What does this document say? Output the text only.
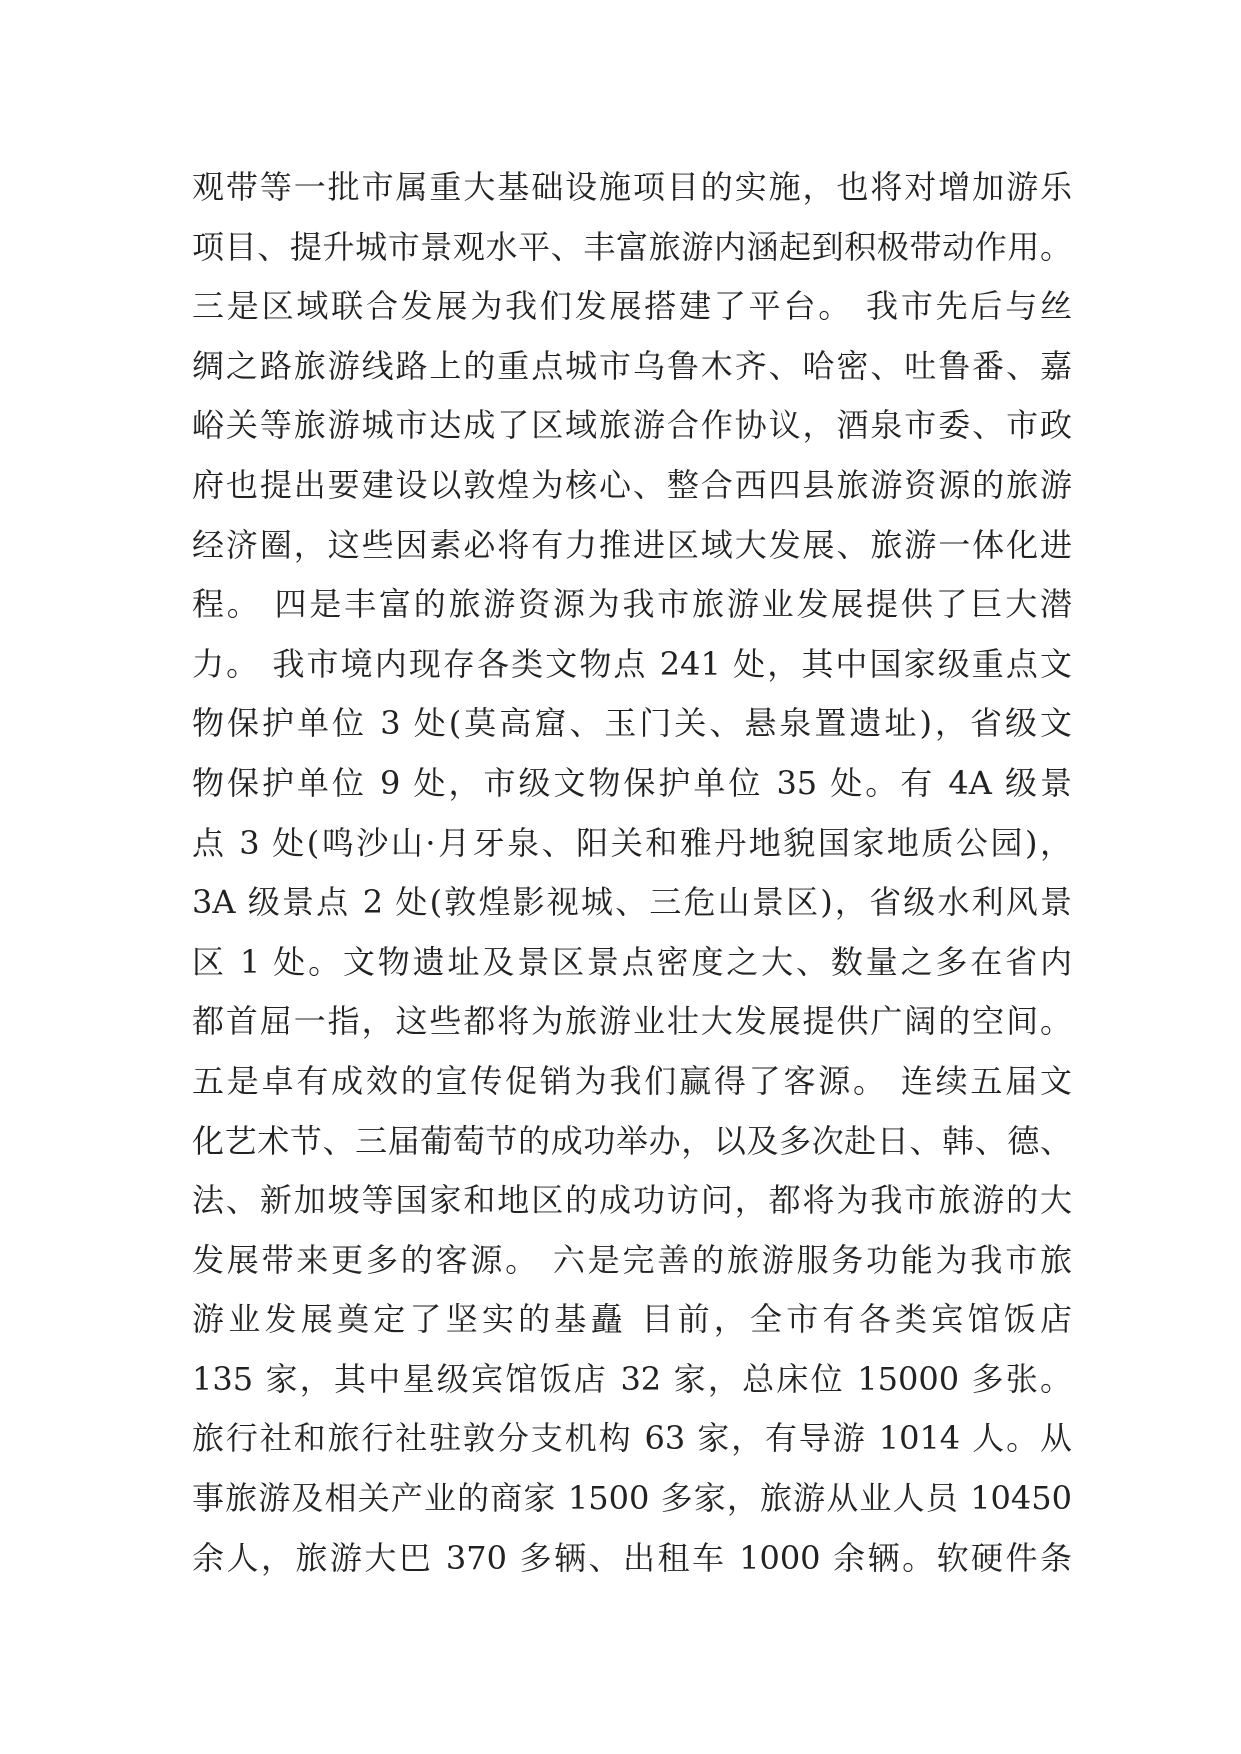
观带等一批市属重大基础设施项目的实施，也将对增加游乐
项目、提升城市景观水平、丰富旅游内涵起到积极带动作用。
三是区域联合发展为我们发展搭建了平台。 我市先后与丝
绸之路旅游线路上的重点城市乌鲁木齐、哈密、吐鲁番、嘉
峪关等旅游城市达成了区域旅游合作协议，酒泉市委、市政
府也提出要建设以敦煌为核心、整合西四县旅游资源的旅游
经济圈，这些因素必将有力推进区域大发展、旅游一体化进
程。 四是丰富的旅游资源为我市旅游业发展提供了巨大潜
力。 我市境内现存各类文物点 241 处，其中国家级重点文
物保护单位 3 处(莫高窟、玉门关、悬泉置遗址)，省级文
物保护单位 9 处，市级文物保护单位 35 处。有 4A 级景
点 3 处(鸣沙山·月牙泉、阳关和雅丹地貌国家地质公园)，
3A 级景点 2 处(敦煌影视城、三危山景区)，省级水利风景
区 1 处。文物遗址及景区景点密度之大、数量之多在省内
都首屈一指，这些都将为旅游业壮大发展提供广阔的空间。
五是卓有成效的宣传促销为我们赢得了客源。 连续五届文
化艺术节、三届葡萄节的成功举办，以及多次赴日、韩、德、
法、新加坡等国家和地区的成功访问，都将为我市旅游的大
发展带来更多的客源。 六是完善的旅游服务功能为我市旅
游业发展奠定了坚实的基矗 目前，全市有各类宾馆饭店
135 家，其中星级宾馆饭店 32 家，总床位 15000 多张。
旅行社和旅行社驻敦分支机构 63 家，有导游 1014 人。从
事旅游及相关产业的商家 1500 多家，旅游从业人员 10450
余人，旅游大巴 370 多辆、出租车 1000 余辆。软硬件条
